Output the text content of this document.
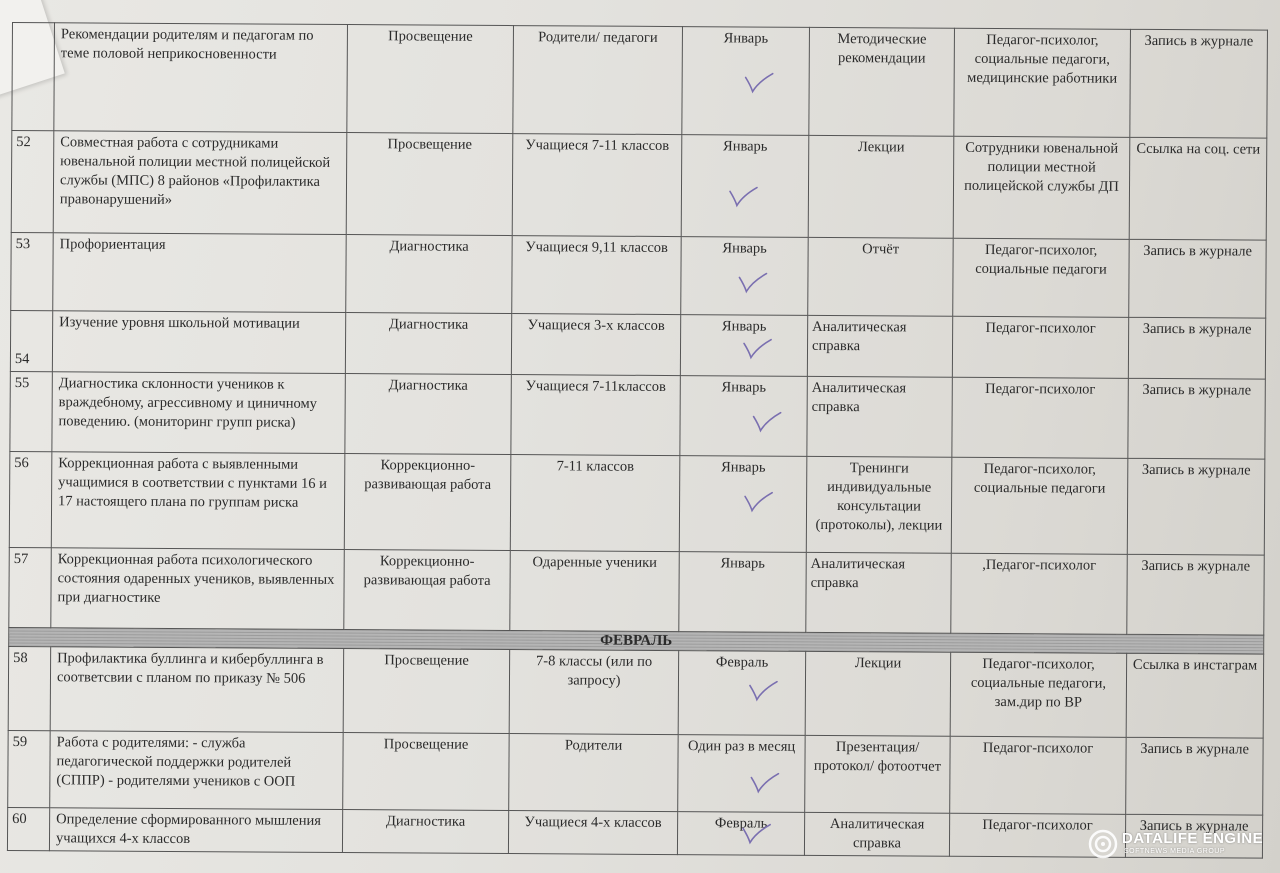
	Рекомендации родителям и педагогам по теме половой неприкосновенности	Просвещение	Родители/ педагоги	Январь	Методические рекомендации	Педагог-психолог, социальные педагоги, медицинские работники	Запись в журнале
52	Совместная работа с сотрудниками ювенальной полиции местной полицейской службы (МПС) 8 районов «Профилактика правонарушений»	Просвещение	Учащиеся 7-11 классов	Январь	Лекции	Сотрудники ювенальной полиции местной полицейской службы ДП	Ссылка на соц. сети
53	Профориентация	Диагностика	Учащиеся 9,11 классов	Январь	Отчёт	Педагог-психолог, социальные педагоги	Запись в журнале
54	Изучение уровня школьной мотивации	Диагностика	Учащиеся 3-х классов	Январь	Аналитическая справка	Педагог-психолог	Запись в журнале
55	Диагностика склонности учеников к враждебному, агрессивному и циничному поведению. (мониторинг групп риска)	Диагностика	Учащиеся 7-11классов	Январь	Аналитическая справка	Педагог-психолог	Запись в журнале
56	Коррекционная работа с выявленными учащимися в соответствии с пунктами 16 и 17 настоящего плана по группам риска	Коррекционно-развивающая работа	7-11 классов	Январь	Тренинги индивидуальные консультации (протоколы), лекции	Педагог-психолог, социальные педагоги	Запись в журнале
57	Коррекционная работа психологического состояния одаренных учеников, выявленных при диагностике	Коррекционно-развивающая работа	Одаренные ученики	Январь	Аналитическая справка	,Педагог-психолог	Запись в журнале
ФЕВРАЛЬ							
58	Профилактика буллинга и кибербуллинга в соответсвии с планом по приказу № 506	Просвещение	7-8 классы (или по запросу)	Февраль	Лекции	Педагог-психолог, социальные педагоги, зам.дир по ВР	Ссылка в инстаграм
59	Работа с родителями: - служба педагогической поддержки родителей (СППР) - родителями учеников с ООП	Просвещение	Родители	Один раз в месяц	Презентация/ протокол/ фотоотчет	Педагог-психолог	Запись в журнале
60	Определение сформированного мышления учащихся 4-х классов	Диагностика	Учащиеся 4-х классов	Февраль	Аналитическая справка	Педагог-психолог	Запись в журнале
DATALIFE ENGINE
SOFTNEWS MEDIA GROUP
